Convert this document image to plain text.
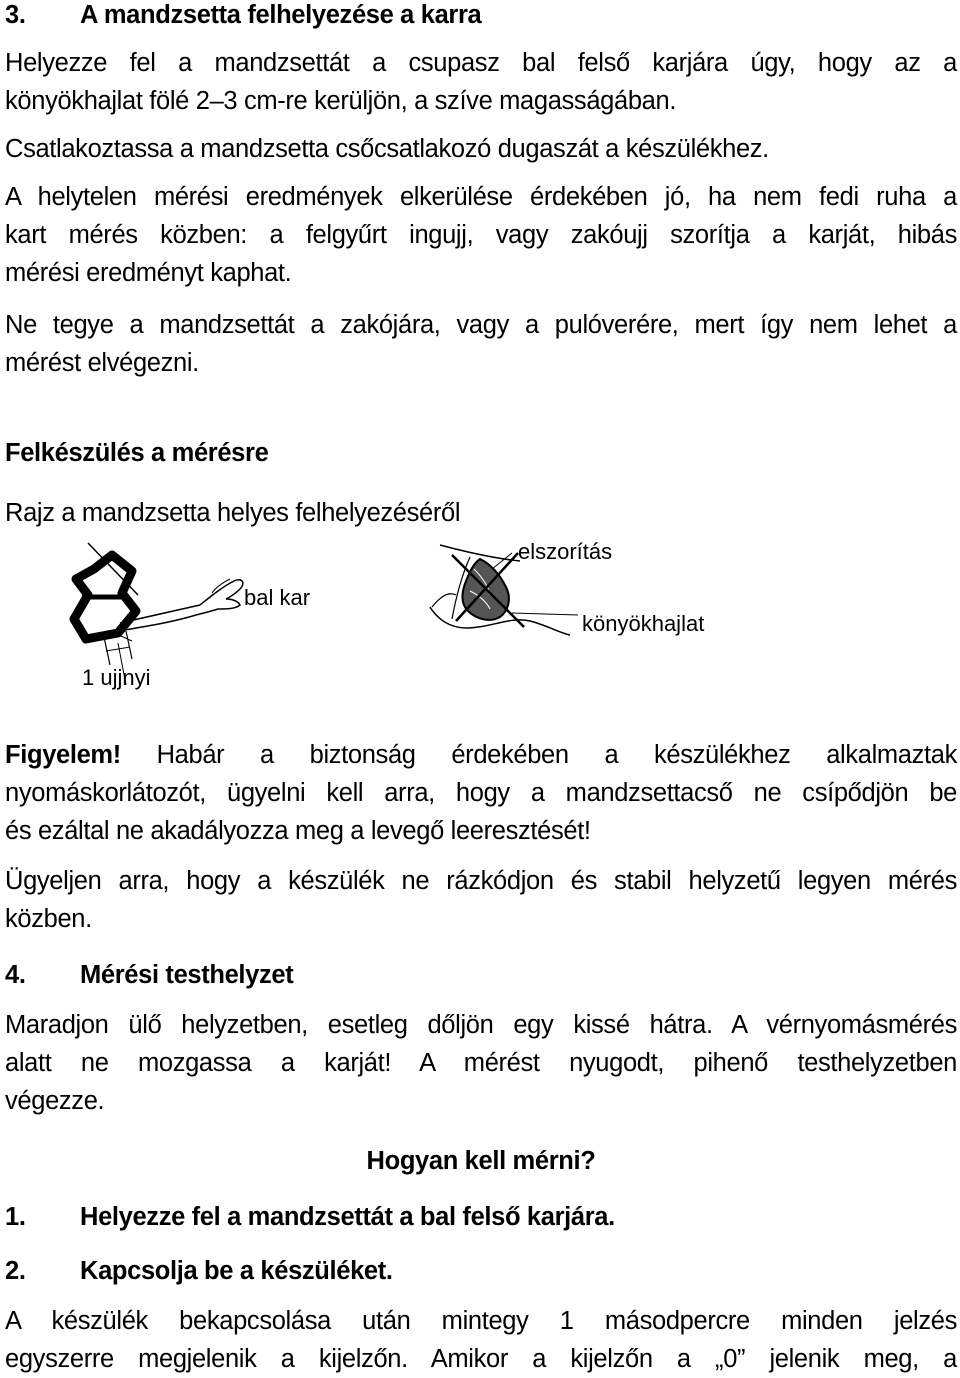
3. A mandzsetta felhelyezése a karra
Helyezze fel a mandzsettát a csupasz bal felső karjára úgy, hogy az a
könyökhajlat fölé 2–3 cm-re kerüljön, a szíve magasságában.
Csatlakoztassa a mandzsetta csőcsatlakozó dugaszát a készülékhez.
A helytelen mérési eredmények elkerülése érdekében jó, ha nem fedi ruha a
kart mérés közben: a felgyűrt ingujj, vagy zakóujj szorítja a karját, hibás
mérési eredményt kaphat.
Ne tegye a mandzsettát a zakójára, vagy a pulóverére, mert így nem lehet a
mérést elvégezni.
Felkészülés a mérésre
Rajz a mandzsetta helyes felhelyezéséről
bal kar
1 ujjnyi
elszorítás
könyökhajlat
Figyelem! Habár a biztonság érdekében a készülékhez alkalmaztak
nyomáskorlátozót, ügyelni kell arra, hogy a mandzsettacső ne csípődjön be
és ezáltal ne akadályozza meg a levegő leeresztését!
Ügyeljen arra, hogy a készülék ne rázkódjon és stabil helyzetű legyen mérés
közben.
4. Mérési testhelyzet
Maradjon ülő helyzetben, esetleg dőljön egy kissé hátra. A vérnyomásmérés
alatt ne mozgassa a karját! A mérést nyugodt, pihenő testhelyzetben
végezze.
Hogyan kell mérni?
1. Helyezze fel a mandzsettát a bal felső karjára.
2. Kapcsolja be a készüléket.
A készülék bekapcsolása után mintegy 1 másodpercre minden jelzés
egyszerre megjelenik a kijelzőn. Amikor a kijelzőn a „0” jelenik meg, a
